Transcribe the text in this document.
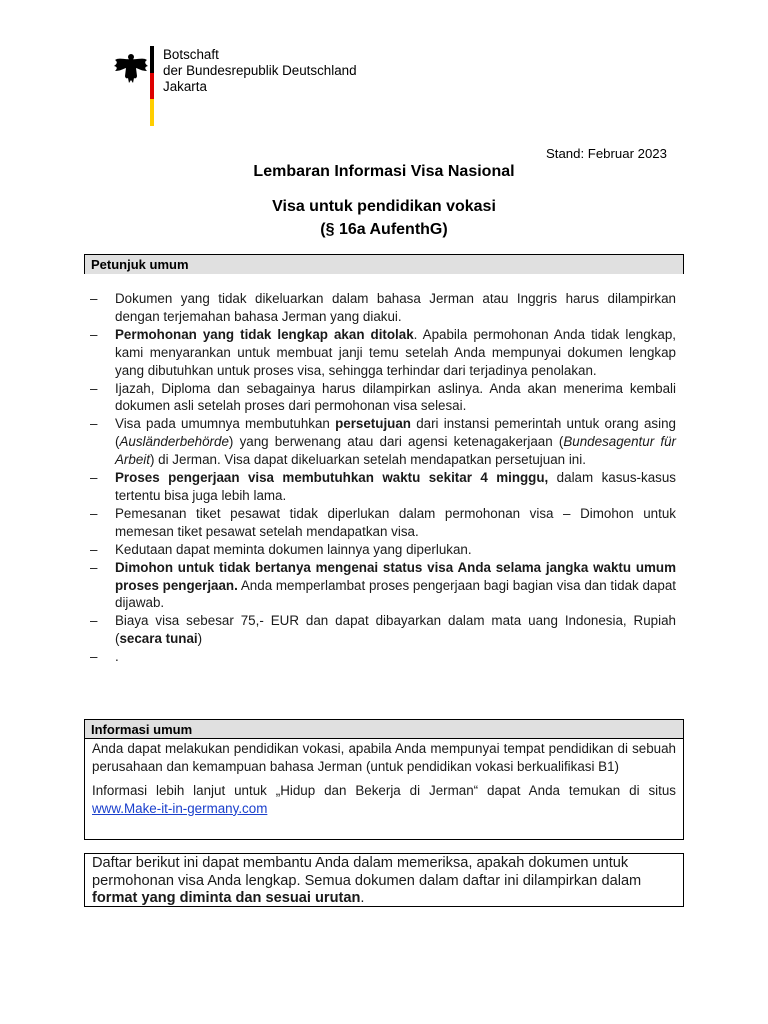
Botschaft
der Bundesrepublik Deutschland
Jakarta
Stand: Februar 2023
Lembaran Informasi Visa Nasional
Visa untuk pendidikan vokasi
(§ 16a AufenthG)
Petunjuk umum
– Dokumen yang tidak dikeluarkan dalam bahasa Jerman atau Inggris harus dilampirkan dengan terjemahan bahasa Jerman yang diakui.
– Permohonan yang tidak lengkap akan ditolak. Apabila permohonan Anda tidak lengkap, kami menyarankan untuk membuat janji temu setelah Anda mempunyai dokumen lengkap yang dibutuhkan untuk proses visa, sehingga terhindar dari terjadinya penolakan.
– Ijazah, Diploma dan sebagainya harus dilampirkan aslinya. Anda akan menerima kembali dokumen asli setelah proses dari permohonan visa selesai.
– Visa pada umumnya membutuhkan persetujuan dari instansi pemerintah untuk orang asing (Ausländerbehörde) yang berwenang atau dari agensi ketenagakerjaan (Bundesagentur für Arbeit) di Jerman. Visa dapat dikeluarkan setelah mendapatkan persetujuan ini.
– Proses pengerjaan visa membutuhkan waktu sekitar 4 minggu, dalam kasus-kasus tertentu bisa juga lebih lama.
– Pemesanan tiket pesawat tidak diperlukan dalam permohonan visa – Dimohon untuk memesan tiket pesawat setelah mendapatkan visa.
– Kedutaan dapat meminta dokumen lainnya yang diperlukan.
– Dimohon untuk tidak bertanya mengenai status visa Anda selama jangka waktu umum proses pengerjaan. Anda memperlambat proses pengerjaan bagi bagian visa dan tidak dapat dijawab.
– Biaya visa sebesar 75,- EUR dan dapat dibayarkan dalam mata uang Indonesia, Rupiah (secara tunai)
– .
Informasi umum
Anda dapat melakukan pendidikan vokasi, apabila Anda mempunyai tempat pendidikan di sebuah perusahaan dan kemampuan bahasa Jerman (untuk pendidikan vokasi berkualifikasi B1)
Informasi lebih lanjut untuk „Hidup dan Bekerja di Jerman“ dapat Anda temukan di situs www.Make-it-in-germany.com
Daftar berikut ini dapat membantu Anda dalam memeriksa, apakah dokumen untuk permohonan visa Anda lengkap. Semua dokumen dalam daftar ini dilampirkan dalam format yang diminta dan sesuai urutan.
